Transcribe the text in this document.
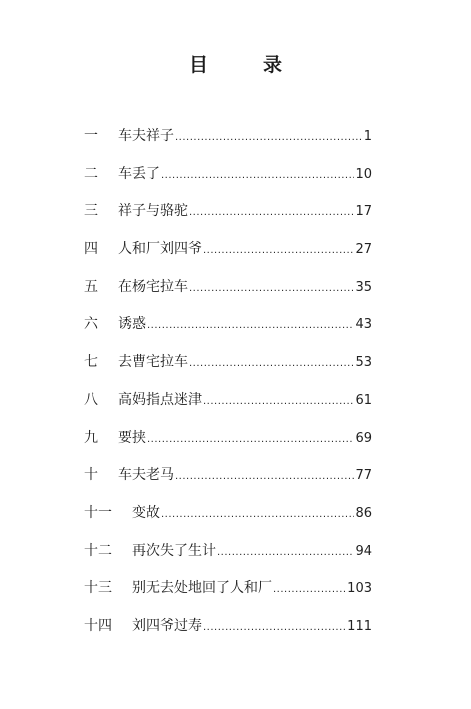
目　录
一	车夫祥子 .....	1
二	车丢了 .....	10
三	祥子与骆驼 .....	17
四	人和厂刘四爷 .....	27
五	在杨宅拉车 .....	35
六	诱惑 .....	43
七	去曹宅拉车 .....	53
八	高妈指点迷津 .....	61
九	要挟 .....	69
十	车夫老马 .....	77
十一	变故 .....	86
十二	再次失了生计 .....	94
十三	别无去处地回了人和厂 .....	103
十四	刘四爷过寿 .....	111
